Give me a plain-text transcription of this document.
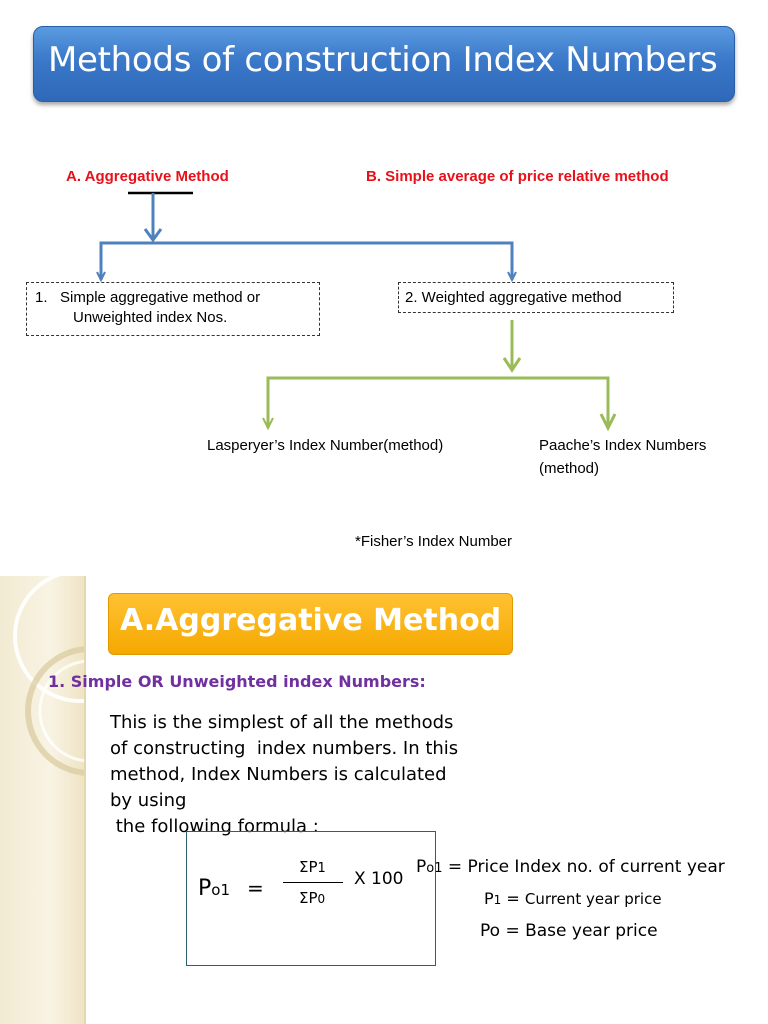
Methods of construction Index Numbers
A. Aggregative Method	B. Simple average of price relative method
1. Simple aggregative method or
Unweighted index Nos.
2. Weighted aggregative method
Lasperyer’s Index Number(method)	Paache’s Index Numbers
(method)
*Fisher’s Index Number
A.Aggregative Method
1. Simple OR Unweighted index Numbers:
This is the simplest of all the methods
of constructing  index numbers. In this
method, Index Numbers is calculated
by using
the following formula :
Po1 =
ΣP1
ΣP0
X 100
Po1 = Price Index no. of current year
P1 = Current year price
Po = Base year price
